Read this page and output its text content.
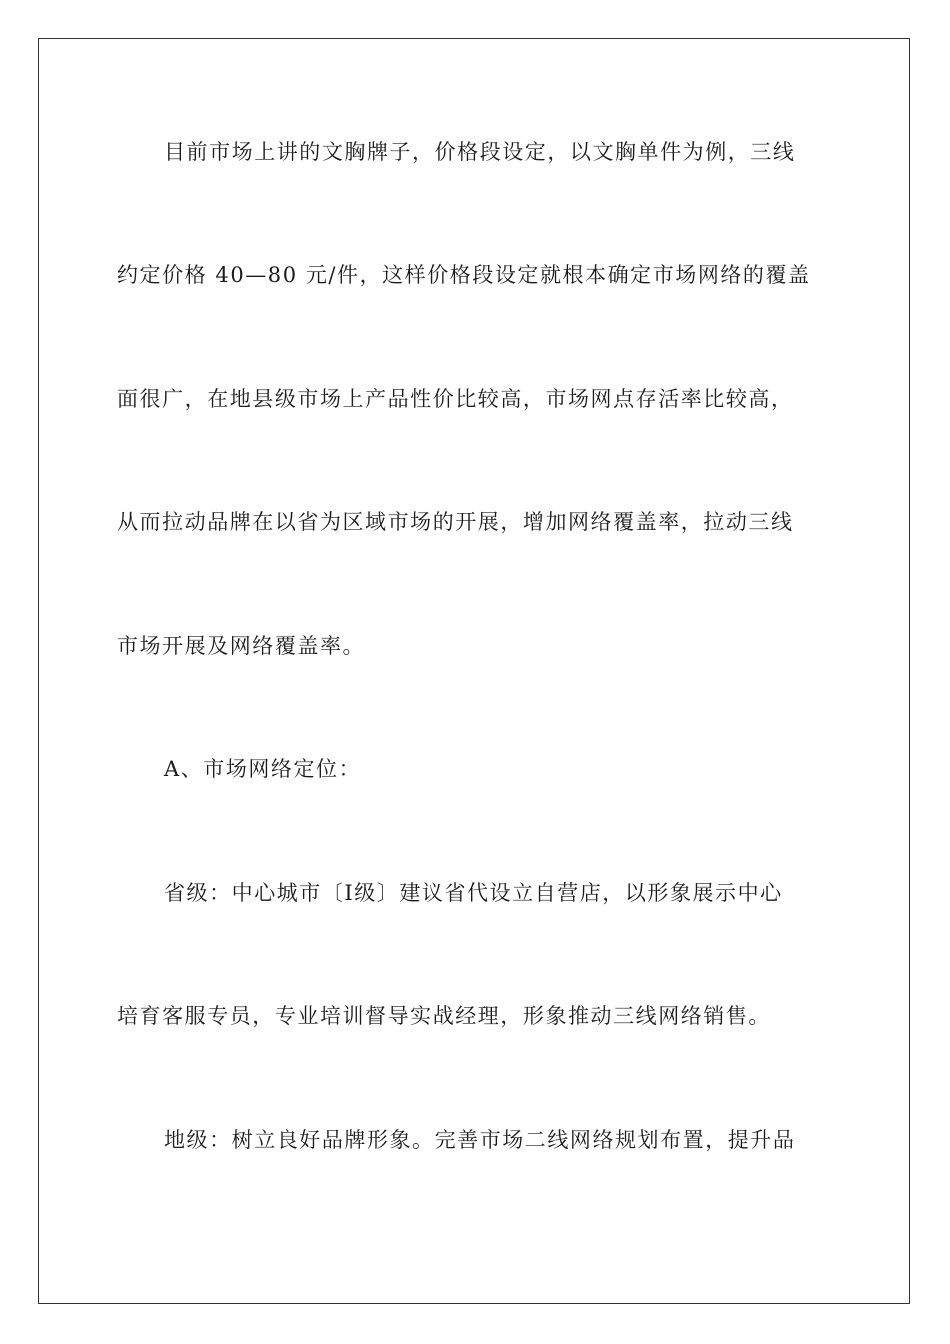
目前市场上讲的文胸牌子，价格段设定，以文胸单件为例，三线
约定价格 40—80 元/件，这样价格段设定就根本确定市场网络的覆盖
面很广，在地县级市场上产品性价比较高，市场网点存活率比较高，
从而拉动品牌在以省为区域市场的开展，增加网络覆盖率，拉动三线
市场开展及网络覆盖率。
A、市场网络定位：
省级：中心城市〔Ⅰ级〕建议省代设立自营店，以形象展示中心
培育客服专员，专业培训督导实战经理，形象推动三线网络销售。
地级：树立良好品牌形象。完善市场二线网络规划布置，提升品
